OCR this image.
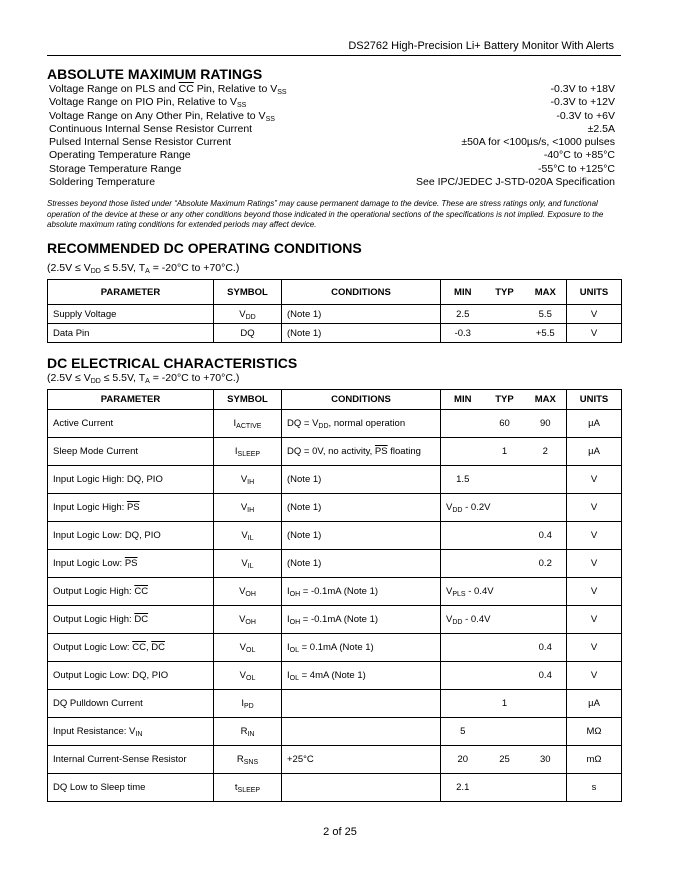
DS2762 High-Precision Li+ Battery Monitor With Alerts
ABSOLUTE MAXIMUM RATINGS
Voltage Range on PLS and $\overline{CC}$ Pin, Relative to $V_{SS}$	-0.3V to +18V
Voltage Range on PIO Pin, Relative to $V_{SS}$	-0.3V to +12V
Voltage Range on Any Other Pin, Relative to $V_{SS}$	-0.3V to +6V
Continuous Internal Sense Resistor Current	±2.5A
Pulsed Internal Sense Resistor Current	±50A for <100µs/s, <1000 pulses
Operating Temperature Range	-40°C to +85°C
Storage Temperature Range	-55°C to +125°C
Soldering Temperature	See IPC/JEDEC J-STD-020A Specification
Stresses beyond those listed under “Absolute Maximum Ratings” may cause permanent damage to the device. These are stress ratings only, and functional operation of the device at these or any other conditions beyond those indicated in the operational sections of the specifications is not implied. Exposure to the absolute maximum rating conditions for extended periods may affect device.
RECOMMENDED DC OPERATING CONDITIONS
($2.5V \le V_{DD} \le 5.5V$, $T_A = -20^\circ C$ to +70°C.)
PARAMETER	SYMBOL	CONDITIONS	MIN	TYP	MAX	UNITS
Supply Voltage	$V_{DD}$	(Note 1)	2.5		5.5	V
Data Pin	DQ	(Note 1)	-0.3		+5.5	V
DC ELECTRICAL CHARACTERISTICS
($2.5V \le V_{DD} \le 5.5V$, $T_A = -20^\circ C$ to +70°C.)
PARAMETER	SYMBOL	CONDITIONS	MIN	TYP	MAX	UNITS
Active Current	$I_{ACTIVE}$	DQ = $V_{DD}$, normal operation		60	90	µA
Sleep Mode Current	$I_{SLEEP}$	DQ = 0V, no activity, $\overline{PS}$ floating		1	2	µA
Input Logic High: DQ, PIO	$V_{IH}$	(Note 1)	1.5			V
Input Logic High: $\overline{PS}$	$V_{IH}$	(Note 1)	$V_{DD} - 0.2V$			V
Input Logic Low: DQ, PIO	$V_{IL}$	(Note 1)			0.4	V
Input Logic Low: $\overline{PS}$	$V_{IL}$	(Note 1)			0.2	V
Output Logic High: $\overline{CC}$	$V_{OH}$	$I_{OH} = -0.1mA$ (Note 1)	$V_{PLS} - 0.4V$			V
Output Logic High: $\overline{DC}$	$V_{OH}$	$I_{OH} = -0.1mA$ (Note 1)	$V_{DD} - 0.4V$			V
Output Logic Low: $\overline{CC}$, $\overline{DC}$	$V_{OL}$	$I_{OL} = 0.1mA$ (Note 1)			0.4	V
Output Logic Low: DQ, PIO	$V_{OL}$	$I_{OL} = 4mA$ (Note 1)			0.4	V
DQ Pulldown Current	$I_{PD}$			1		µA
Input Resistance: $V_{IN}$	$R_{IN}$		5			MΩ
Internal Current-Sense Resistor	$R_{SNS}$	+25°C	20	25	30	mΩ
DQ Low to Sleep time	$t_{SLEEP}$		2.1			s
2 of 25
